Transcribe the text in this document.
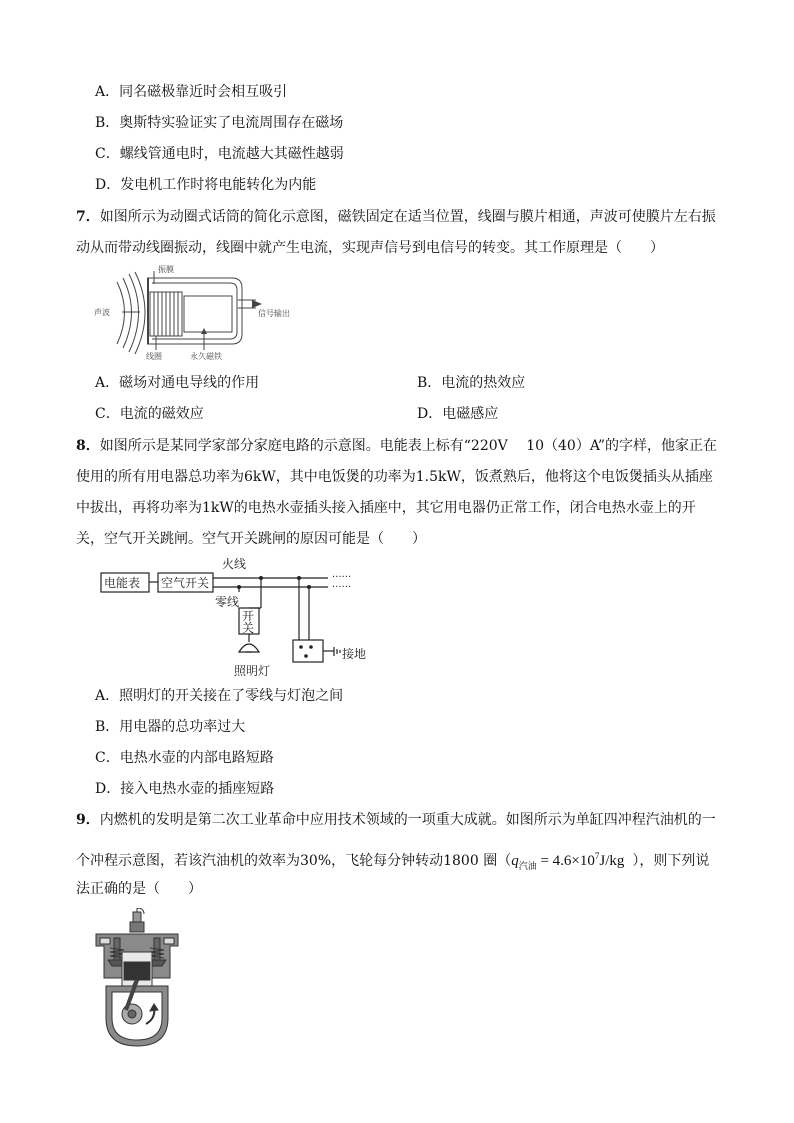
A．同名磁极靠近时会相互吸引
B．奥斯特实验证实了电流周围存在磁场
C．螺线管通电时，电流越大其磁性越弱
D．发电机工作时将电能转化为内能
7．如图所示为动圈式话筒的简化示意图，磁铁固定在适当位置，线圈与膜片相通，声波可使膜片左右振
动从而带动线圈振动，线圈中就产生电流，实现声信号到电信号的转变。其工作原理是（　　）
振膜
声波	信号输出
线圈	永久磁铁
A．磁场对通电导线的作用	B．电流的热效应
C．电流的磁效应	D．电磁感应
8．如图所示是某同学家部分家庭电路的示意图。电能表上标有“220V　 10（40）A”的字样，他家正在
使用的所有用电器总功率为6kW，其中电饭煲的功率为1.5kW，饭煮熟后，他将这个电饭煲插头从插座
中拔出，再将功率为1kW的电热水壶插头接入插座中，其它用电器仍正常工作，闭合电热水壶上的开
关，空气开关跳闸。空气开关跳闸的原因可能是（　　）
电能表 空气开关
火线
零线
开
关
照明灯
接地
······
······
A．照明灯的开关接在了零线与灯泡之间
B．用电器的总功率过大
C．电热水壶的内部电路短路
D．接入电热水壶的插座短路
9．内燃机的发明是第二次工业革命中应用技术领域的一项重大成就。如图所示为单缸四冲程汽油机的一
个冲程示意图，若该汽油机的效率为30%，飞轮每分钟转动1800 圈（$q_{汽油} = 4.6\times 10^7J/kg$ ），则下列说
法正确的是（　　）
